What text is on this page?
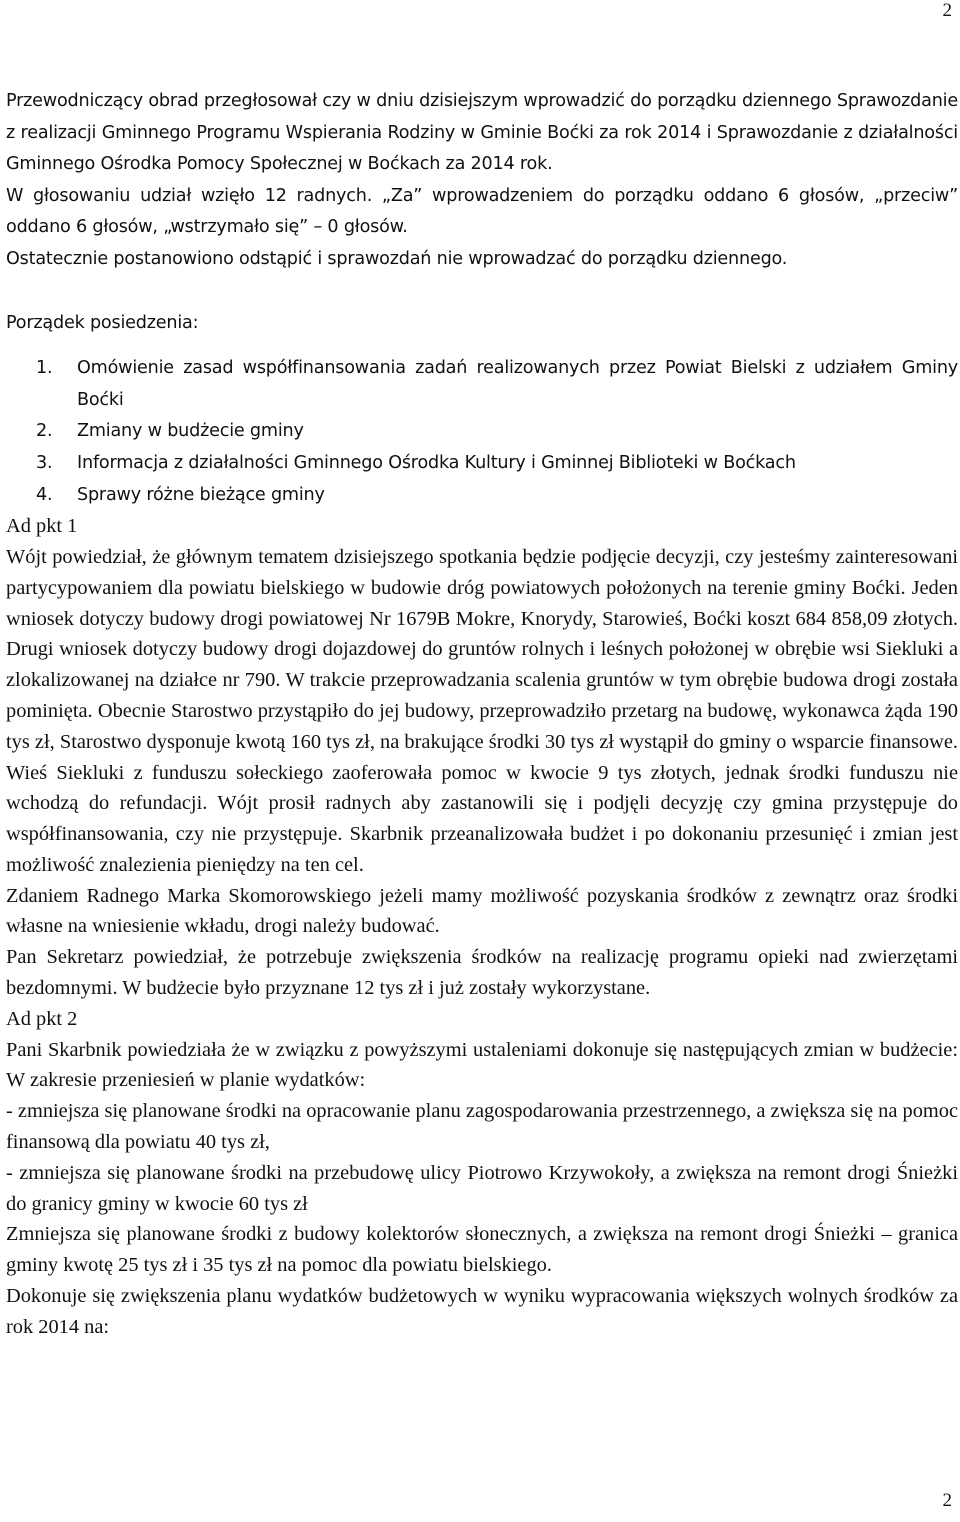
2

Przewodniczący obrad przegłosował czy w dniu dzisiejszym wprowadzić do porządku dziennego Sprawozdanie z realizacji Gminnego Programu Wspierania Rodziny w Gminie Boćki za rok 2014 i Sprawozdanie z działalności Gminnego Ośrodka Pomocy Społecznej w Boćkach za 2014 rok.

W głosowaniu udział wzięło 12 radnych. „Za” wprowadzeniem do porządku oddano 6 głosów, „przeciw” oddano 6 głosów, „wstrzymało się” – 0 głosów.

Ostatecznie postanowiono odstąpić i sprawozdań nie wprowadzać do porządku dziennego.

Porządek posiedzenia:

1. Omówienie zasad współfinansowania zadań realizowanych przez Powiat Bielski z udziałem Gminy Boćki
2. Zmiany w budżecie gminy
3. Informacja z działalności Gminnego Ośrodka Kultury i Gminnej Biblioteki w Boćkach
4. Sprawy różne bieżące gminy

Ad pkt 1

Wójt powiedział, że głównym tematem dzisiejszego spotkania będzie podjęcie decyzji, czy jesteśmy zainteresowani partycypowaniem dla powiatu bielskiego w budowie dróg powiatowych położonych na terenie gminy Boćki. Jeden wniosek dotyczy budowy drogi powiatowej Nr 1679B Mokre, Knorydy, Starowieś, Boćki koszt 684 858,09 złotych. Drugi wniosek dotyczy budowy drogi dojazdowej do gruntów rolnych i leśnych położonej w obrębie wsi Siekluki a zlokalizowanej na działce nr 790. W trakcie przeprowadzania scalenia gruntów w tym obrębie budowa drogi została pominięta. Obecnie Starostwo przystąpiło do jej budowy, przeprowadziło przetarg na budowę, wykonawca żąda 190 tys zł, Starostwo dysponuje kwotą 160 tys zł, na brakujące środki 30 tys zł wystąpił do gminy o wsparcie finansowe. Wieś Siekluki z funduszu sołeckiego zaoferowała pomoc w kwocie 9 tys złotych, jednak środki funduszu nie wchodzą do refundacji. Wójt prosił radnych aby zastanowili się i podjęli decyzję czy gmina przystępuje do współfinansowania, czy nie przystępuje. Skarbnik przeanalizowała budżet i po dokonaniu przesunięć i zmian jest możliwość znalezienia pieniędzy na ten cel.

Zdaniem Radnego Marka Skomorowskiego jeżeli mamy możliwość pozyskania środków z zewnątrz oraz środki własne na wniesienie wkładu, drogi należy budować.

Pan Sekretarz powiedział, że potrzebuje zwiększenia środków na realizację programu opieki nad zwierzętami bezdomnymi. W budżecie było przyznane 12 tys zł i już zostały wykorzystane.

Ad pkt 2

Pani Skarbnik powiedziała że w związku z powyższymi ustaleniami dokonuje się następujących zmian w budżecie: W zakresie przeniesień w planie wydatków:

- zmniejsza się planowane środki na opracowanie planu zagospodarowania przestrzennego, a zwiększa się na pomoc finansową dla powiatu 40 tys zł,

- zmniejsza się planowane środki na przebudowę ulicy Piotrowo Krzywokoły, a zwiększa na remont drogi Śnieżki do granicy gminy w kwocie 60 tys zł

Zmniejsza się planowane środki z budowy kolektorów słonecznych, a zwiększa na remont drogi Śnieżki – granica gminy kwotę 25 tys zł i 35 tys zł na pomoc dla powiatu bielskiego.

Dokonuje się zwiększenia planu wydatków budżetowych w wyniku wypracowania większych wolnych środków za rok 2014 na:

2
